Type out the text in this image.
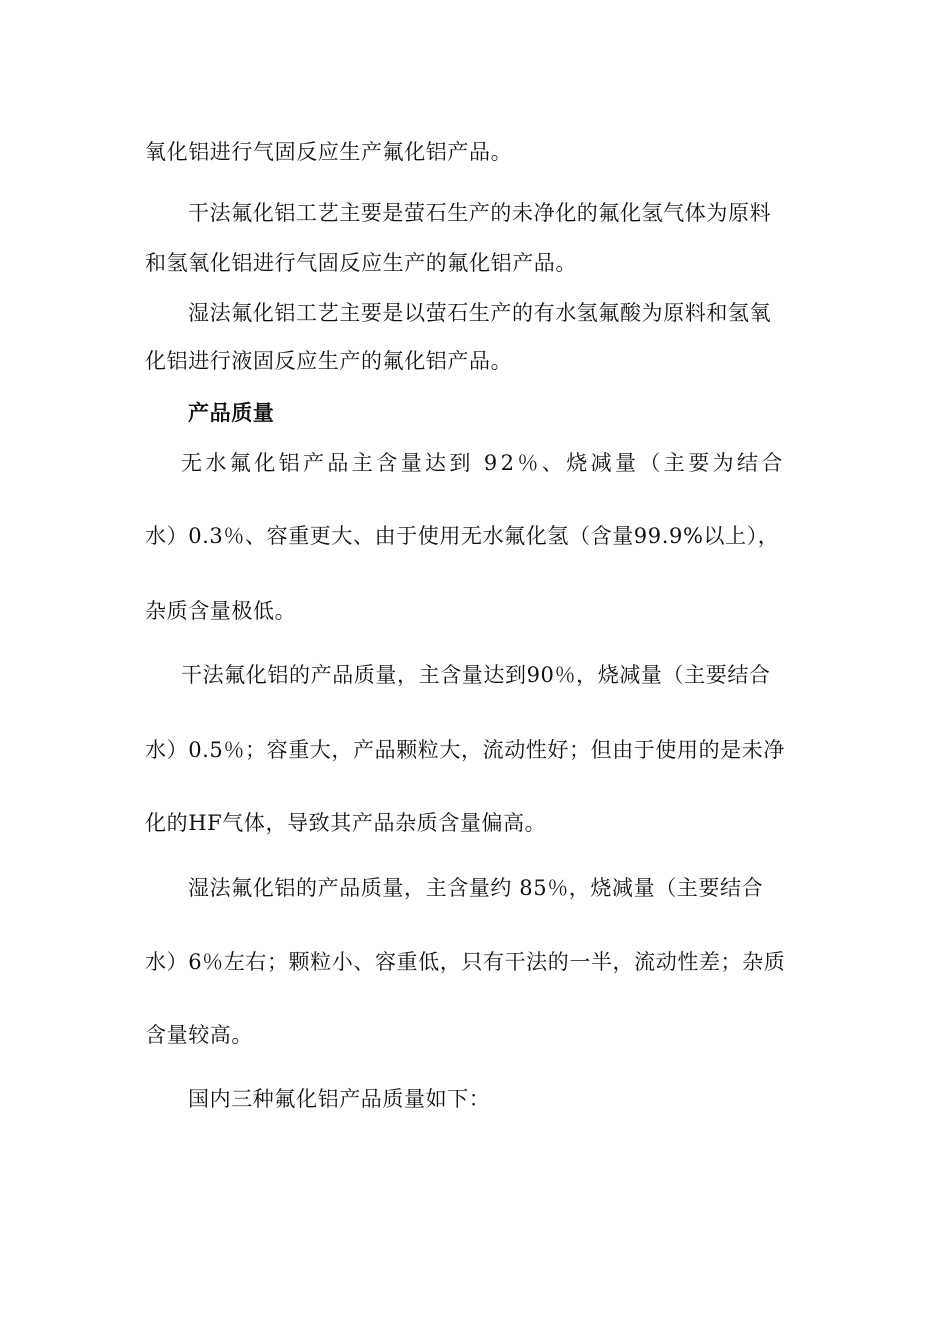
氧化铝进行气固反应生产氟化铝产品。
干法氟化铝工艺主要是萤石生产的未净化的氟化氢气体为原料
和氢氧化铝进行气固反应生产的氟化铝产品。
湿法氟化铝工艺主要是以萤石生产的有水氢氟酸为原料和氢氧
化铝进行液固反应生产的氟化铝产品。
产品质量
无水氟化铝产品主含量达到 92％、烧减量（主要为结合
水）0.3％、容重更大、由于使用无水氟化氢（含量99.9%以上），
杂质含量极低。
干法氟化铝的产品质量，主含量达到90％，烧减量（主要结合
水）0.5％；容重大，产品颗粒大，流动性好；但由于使用的是未净
化的HF气体，导致其产品杂质含量偏高。
湿法氟化铝的产品质量，主含量约 85％，烧减量（主要结合
水）6％左右；颗粒小、容重低，只有干法的一半，流动性差；杂质
含量较高。
国内三种氟化铝产品质量如下：
